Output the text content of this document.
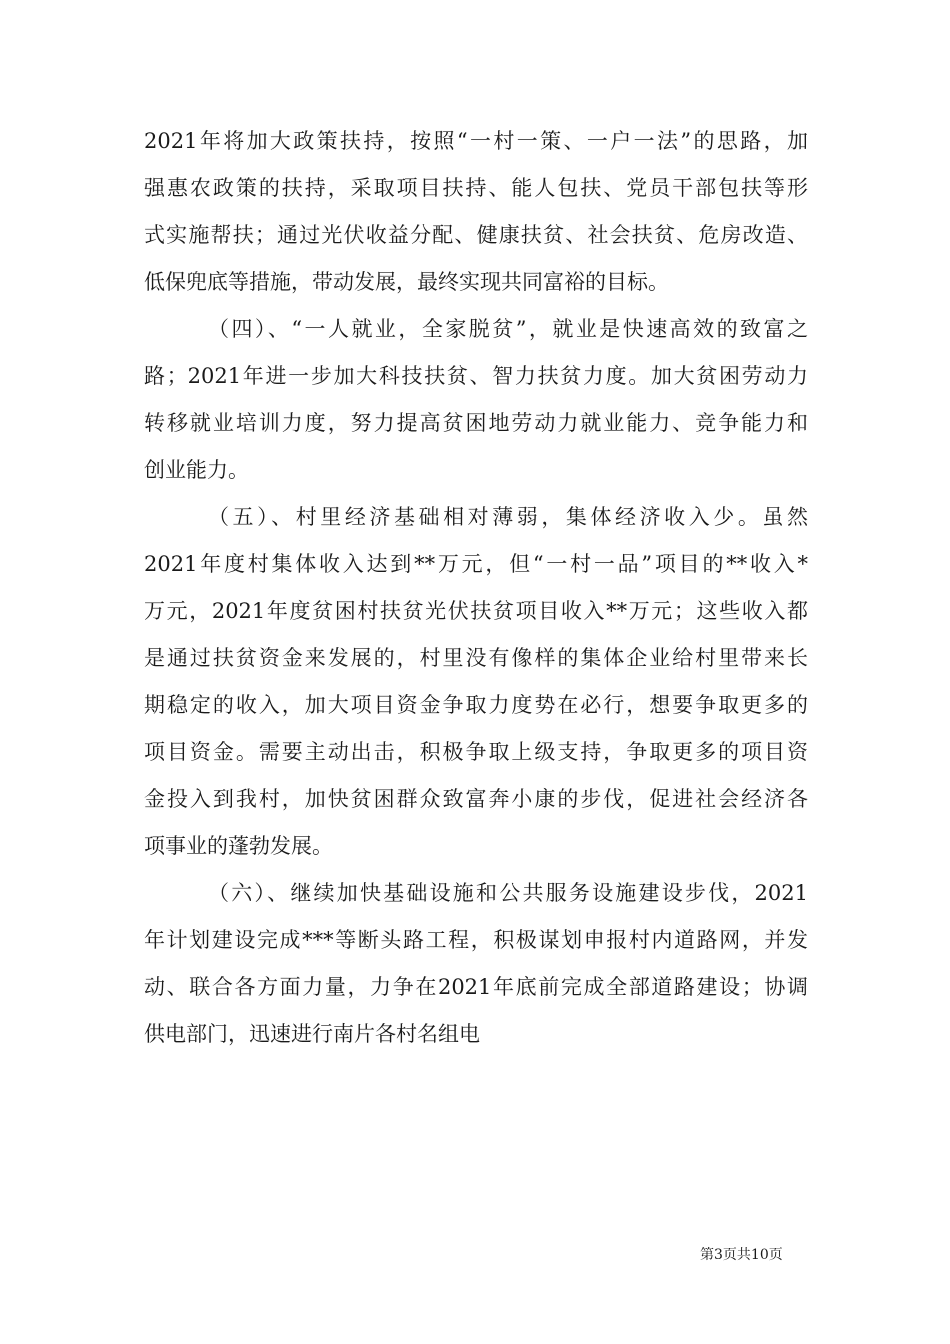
2021年将加大政策扶持，按照“一村一策、一户一法”的思路，加
强惠农政策的扶持，采取项目扶持、能人包扶、党员干部包扶等形
式实施帮扶；通过光伏收益分配、健康扶贫、社会扶贫、危房改造、
低保兜底等措施，带动发展，最终实现共同富裕的目标。
（四）、“一人就业，全家脱贫”，就业是快速高效的致富之
路；2021年进一步加大科技扶贫、智力扶贫力度。加大贫困劳动力
转移就业培训力度，努力提高贫困地劳动力就业能力、竞争能力和
创业能力。
（五）、村里经济基础相对薄弱，集体经济收入少。虽然
2021年度村集体收入达到**万元，但“一村一品”项目的**收入*
万元，2021年度贫困村扶贫光伏扶贫项目收入**万元；这些收入都
是通过扶贫资金来发展的，村里没有像样的集体企业给村里带来长
期稳定的收入，加大项目资金争取力度势在必行，想要争取更多的
项目资金。需要主动出击，积极争取上级支持，争取更多的项目资
金投入到我村，加快贫困群众致富奔小康的步伐，促进社会经济各
项事业的蓬勃发展。
（六）、继续加快基础设施和公共服务设施建设步伐，2021
年计划建设完成***等断头路工程，积极谋划申报村内道路网，并发
动、联合各方面力量，力争在2021年底前完成全部道路建设；协调
供电部门，迅速进行南片各村名组电
第3页共10页
